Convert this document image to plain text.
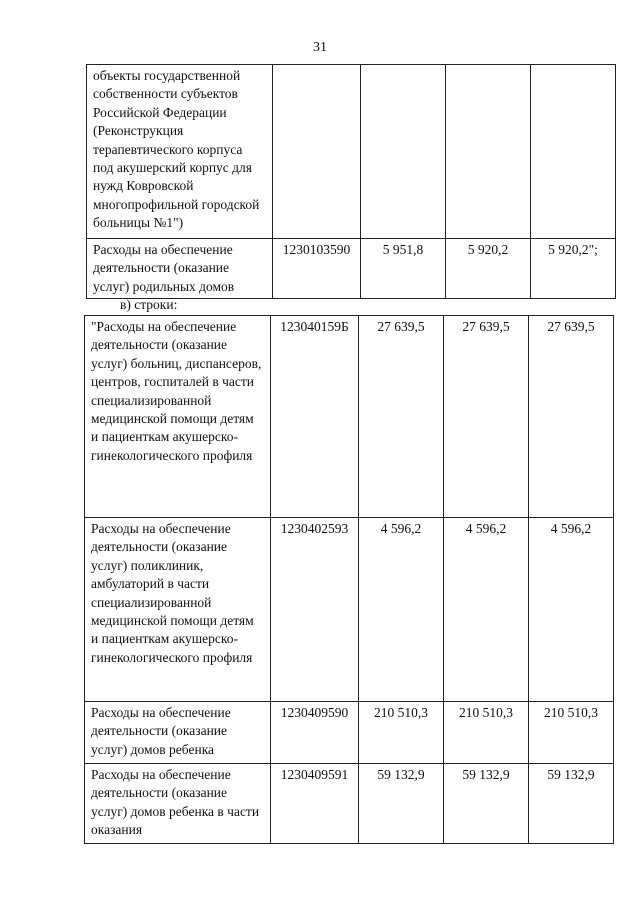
31
объекты государственной собственности субъектов Российской Федерации (Реконструкция терапевтического корпуса под акушерский корпус для нужд Ковровской многопрофильной городской больницы №1")				
Расходы на обеспечение деятельности (оказание услуг) родильных домов	1230103590	5 951,8	5 920,2	5 920,2";
в) строки:
"Расходы на обеспечение деятельности (оказание услуг) больниц, диспансеров, центров, госпиталей в части специализированной медицинской помощи детям и пациенткам акушерско-гинекологического профиля	123040159Б	27 639,5	27 639,5	27 639,5
Расходы на обеспечение деятельности (оказание услуг) поликлиник, амбулаторий в части специализированной медицинской помощи детям и пациенткам акушерско-гинекологического профиля	1230402593	4 596,2	4 596,2	4 596,2
Расходы на обеспечение деятельности (оказание услуг) домов ребенка	1230409590	210 510,3	210 510,3	210 510,3
Расходы на обеспечение деятельности (оказание услуг) домов ребенка в части оказания	1230409591	59 132,9	59 132,9	59 132,9
